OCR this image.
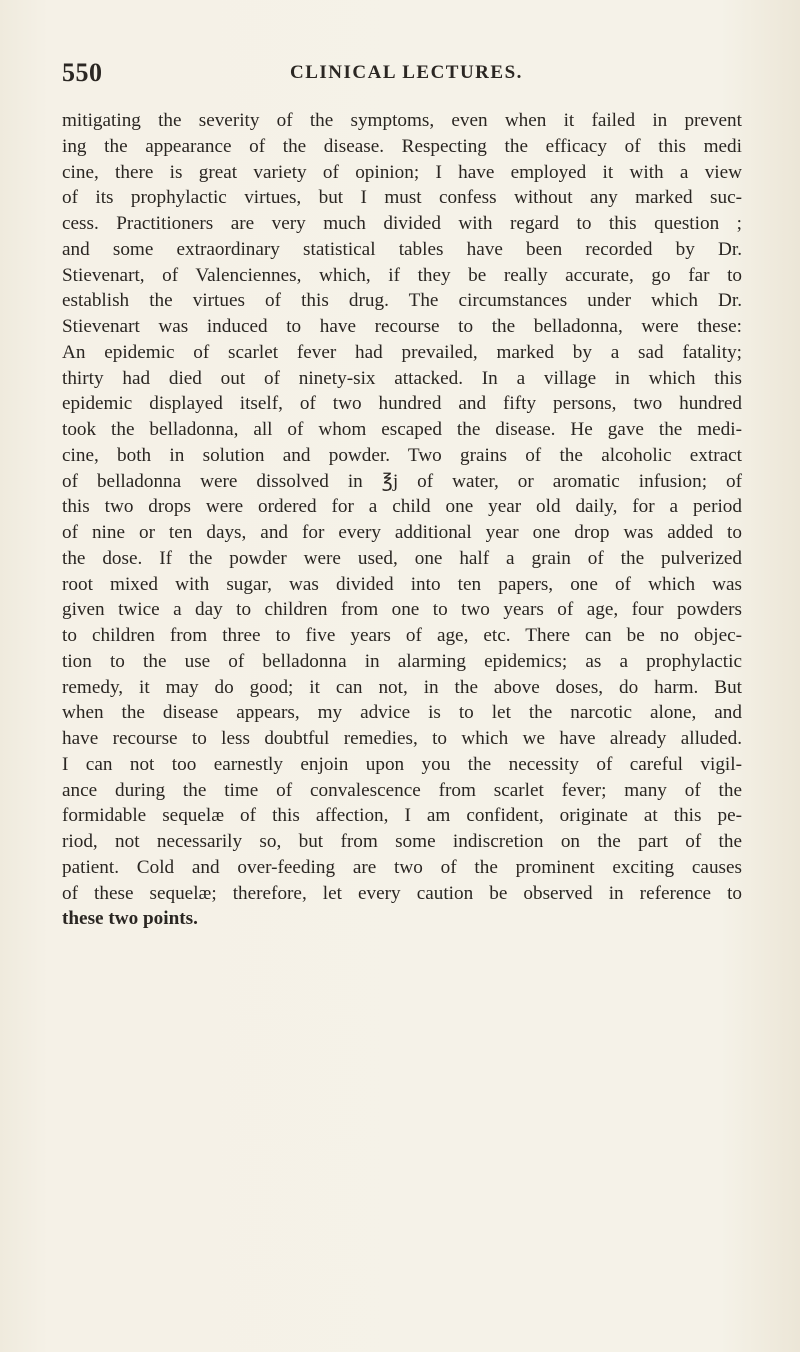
550	CLINICAL LECTURES.
mitigating the severity of the symptoms, even when it failed in prevent
ing the appearance of the disease. Respecting the efficacy of this medi
cine, there is great variety of opinion; I have employed it with a view
of its prophylactic virtues, but I must confess without any marked suc-
cess. Practitioners are very much divided with regard to this question ;
and some extraordinary statistical tables have been recorded by Dr.
Stievenart, of Valenciennes, which, if they be really accurate, go far to
establish the virtues of this drug. The circumstances under which Dr.
Stievenart was induced to have recourse to the belladonna, were these:
An epidemic of scarlet fever had prevailed, marked by a sad fatality;
thirty had died out of ninety-six attacked. In a village in which this
epidemic displayed itself, of two hundred and fifty persons, two hundred
took the belladonna, all of whom escaped the disease. He gave the medi-
cine, both in solution and powder. Two grains of the alcoholic extract
of belladonna were dissolved in ℥j of water, or aromatic infusion; of
this two drops were ordered for a child one year old daily, for a period
of nine or ten days, and for every additional year one drop was added to
the dose. If the powder were used, one half a grain of the pulverized
root mixed with sugar, was divided into ten papers, one of which was
given twice a day to children from one to two years of age, four powders
to children from three to five years of age, etc. There can be no objec-
tion to the use of belladonna in alarming epidemics; as a prophylactic
remedy, it may do good; it can not, in the above doses, do harm. But
when the disease appears, my advice is to let the narcotic alone, and
have recourse to less doubtful remedies, to which we have already alluded.
I can not too earnestly enjoin upon you the necessity of careful vigil-
ance during the time of convalescence from scarlet fever; many of the
formidable sequelæ of this affection, I am confident, originate at this pe-
riod, not necessarily so, but from some indiscretion on the part of the
patient. Cold and over-feeding are two of the prominent exciting causes
of these sequelæ; therefore, let every caution be observed in reference to
these two points.
